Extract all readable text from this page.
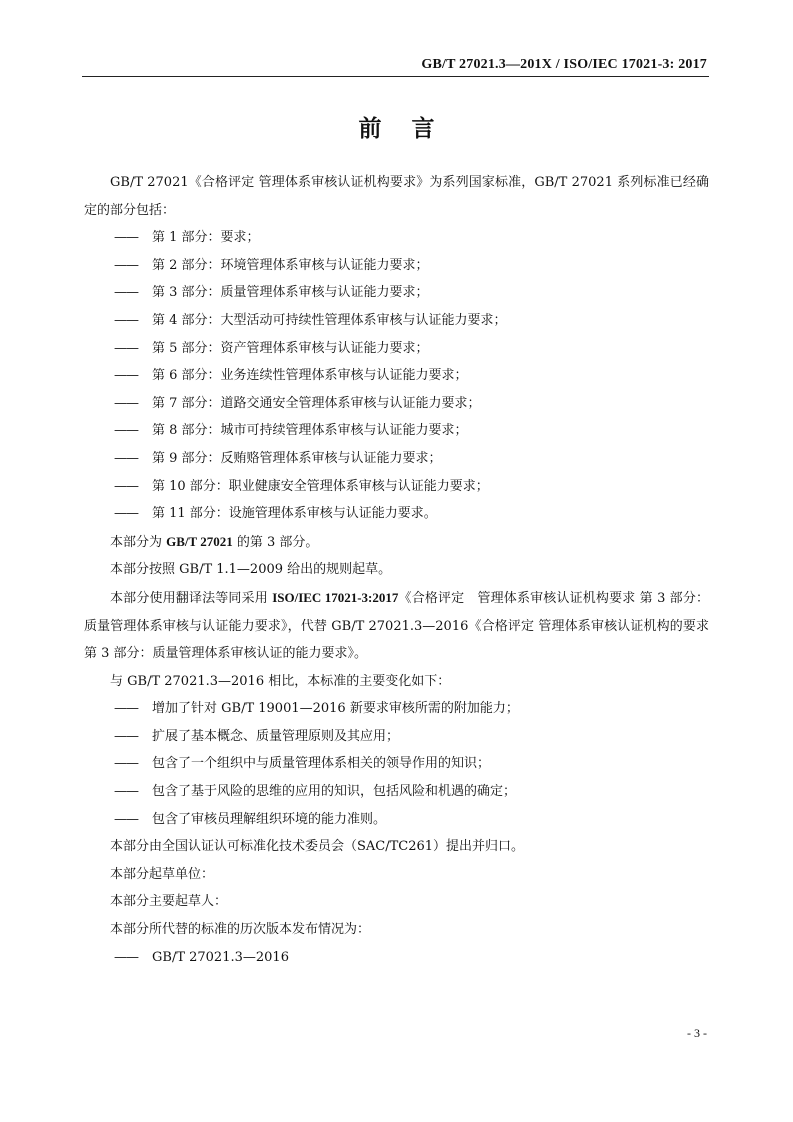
GB/T 27021.3—201X / ISO/IEC 17021-3: 2017
前言
GB/T 27021《合格评定 管理体系审核认证机构要求》为系列国家标准，GB/T 27021 系列标准已经确定的部分包括：
—— 第 1 部分：要求；
—— 第 2 部分：环境管理体系审核与认证能力要求；
—— 第 3 部分：质量管理体系审核与认证能力要求；
—— 第 4 部分：大型活动可持续性管理体系审核与认证能力要求；
—— 第 5 部分：资产管理体系审核与认证能力要求；
—— 第 6 部分：业务连续性管理体系审核与认证能力要求；
—— 第 7 部分：道路交通安全管理体系审核与认证能力要求；
—— 第 8 部分：城市可持续管理体系审核与认证能力要求；
—— 第 9 部分：反贿赂管理体系审核与认证能力要求；
—— 第 10 部分：职业健康安全管理体系审核与认证能力要求；
—— 第 11 部分：设施管理体系审核与认证能力要求。
本部分为 GB/T 27021 的第 3 部分。
本部分按照 GB/T 1.1—2009 给出的规则起草。
本部分使用翻译法等同采用 ISO/IEC 17021-3:2017《合格评定　管理体系审核认证机构要求 第 3 部分：质量管理体系审核与认证能力要求》，代替 GB/T 27021.3—2016《合格评定 管理体系审核认证机构的要求 第 3 部分：质量管理体系审核认证的能力要求》。
与 GB/T 27021.3—2016 相比，本标准的主要变化如下：
—— 增加了针对 GB/T 19001—2016 新要求审核所需的附加能力；
—— 扩展了基本概念、质量管理原则及其应用；
—— 包含了一个组织中与质量管理体系相关的领导作用的知识；
—— 包含了基于风险的思维的应用的知识，包括风险和机遇的确定；
—— 包含了审核员理解组织环境的能力准则。
本部分由全国认证认可标准化技术委员会（SAC/TC261）提出并归口。
本部分起草单位：
本部分主要起草人：
本部分所代替的标准的历次版本发布情况为：
—— GB/T 27021.3—2016
- 3 -
